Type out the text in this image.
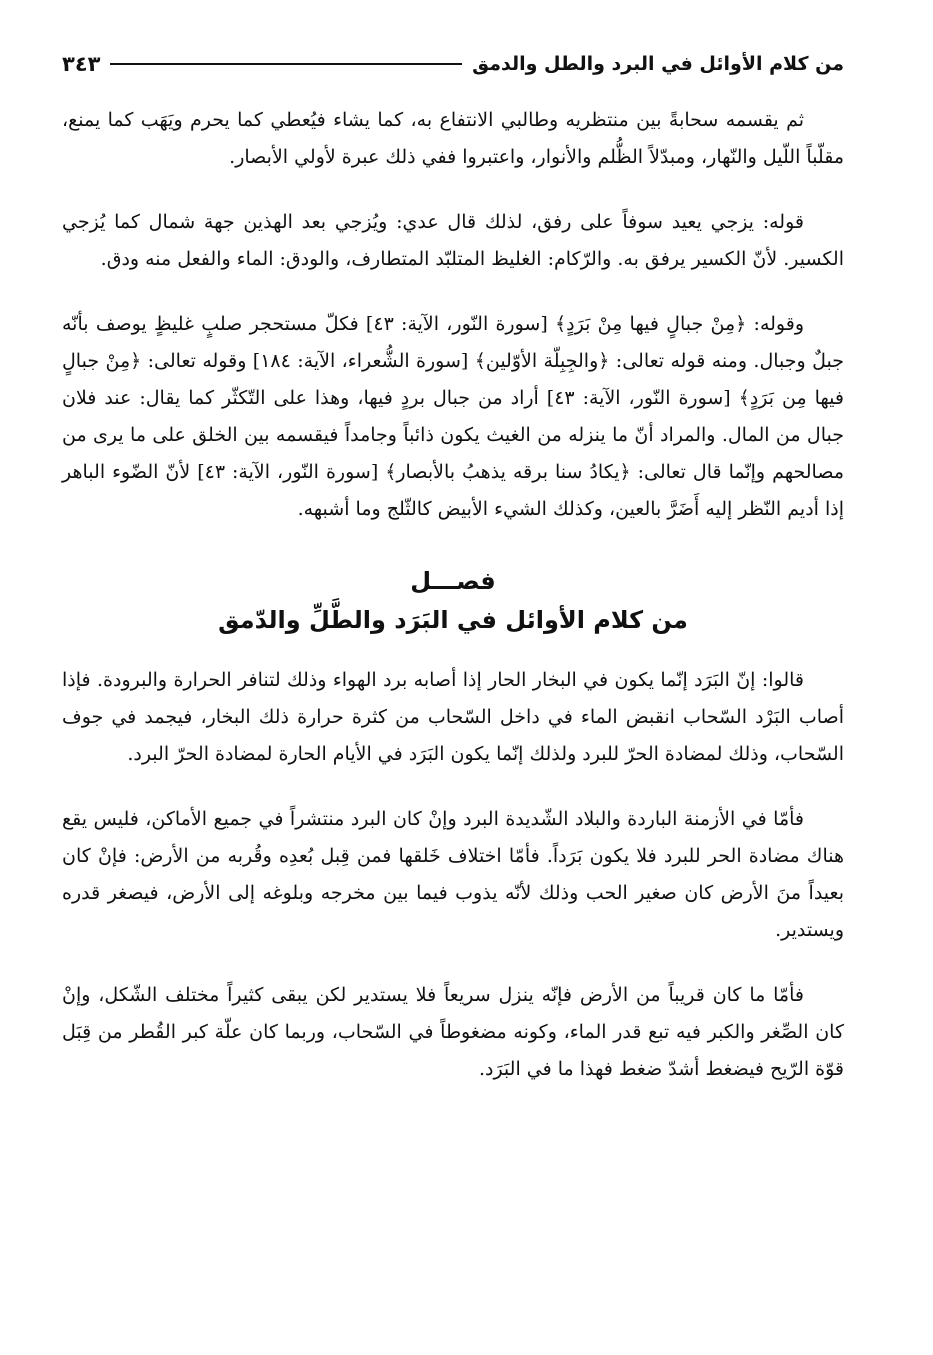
من كلام الأوائل في البرد والطل والدمق
٣٤٣

ثم يقسمه سحابةً بين منتظريه وطالبي الانتفاع به، كما يشاء فيُعطي كما يحرم ويَهَب كما يمنع، مقلّباً اللّيل والنّهار، ومبدّلاً الظُّلم والأنوار، واعتبروا ففي ذلك عبرة لأولي الأبصار.

قوله: يزجي يعيد سوفاً على رفق، لذلك قال عدي: ويُزجي بعد الهذين جهة شمال كما يُزجي الكسير. لأنّ الكسير يرفق به. والرّكام: الغليظ المتلبّد المتطارف، والودق: الماء والفعل منه ودق.

وقوله: ﴿مِنْ جبالٍ فيها مِنْ بَرَدٍ﴾ [سورة النّور، الآية: ٤٣] فكلّ مستحجر صلبٍ غليظٍ يوصف بأنّه جبلٌ وجبال. ومنه قوله تعالى: ﴿والجِبِلّة الأوّلين﴾ [سورة الشُّعراء، الآية: ١٨٤] وقوله تعالى: ﴿مِنْ جبالٍ فيها مِن بَرَدٍ﴾ [سورة النّور، الآية: ٤٣] أراد من جبال بردٍ فيها، وهذا على التّكثّر كما يقال: عند فلان جبال من المال. والمراد أنّ ما ينزله من الغيث يكون ذائباً وجامداً فيقسمه بين الخلق على ما يرى من مصالحهم وإنّما قال تعالى: ﴿يكادُ سنا برقه يذهبُ بالأبصار﴾ [سورة النّور، الآية: ٤٣] لأنّ الضّوء الباهر إذا أديم النّظر إليه أَضَرَّ بالعين، وكذلك الشيء الأبيض كالثّلج وما أشبهه.

فصـــل
من كلام الأوائل في البَرَد والطَّلِّ والدّمق

قالوا: إنّ البَرَد إنّما يكون في البخار الحار إذا أصابه برد الهواء وذلك لتنافر الحرارة والبرودة. فإذا أصاب البَرْد السّحاب انقبض الماء في داخل السّحاب من كثرة حرارة ذلك البخار، فيجمد في جوف السّحاب، وذلك لمضادة الحرّ للبرد ولذلك إنّما يكون البَرَد في الأيام الحارة لمضادة الحرّ البرد.

فأمّا في الأزمنة الباردة والبلاد الشّديدة البرد وإنْ كان البرد منتشراً في جميع الأماكن، فليس يقع هناك مضادة الحر للبرد فلا يكون بَرَداً. فأمّا اختلاف خَلقها فمن قِبل بُعدِه وقُربه من الأرض: فإنْ كان بعيداً منَ الأرض كان صغير الحب وذلك لأنّه يذوب فيما بين مخرجه وبلوغه إلى الأرض، فيصغر قدره ويستدير.

فأمّا ما كان قريباً من الأرض فإنّه ينزل سريعاً فلا يستدير لكن يبقى كثيراً مختلف الشّكل، وإنْ كان الصِّغر والكبر فيه تبع قدر الماء، وكونه مضغوطاً في السّحاب، وربما كان علّة كبر القُطر من قِبَل قوّة الرّيح فيضغط أشدّ ضغط فهذا ما في البَرَد.
